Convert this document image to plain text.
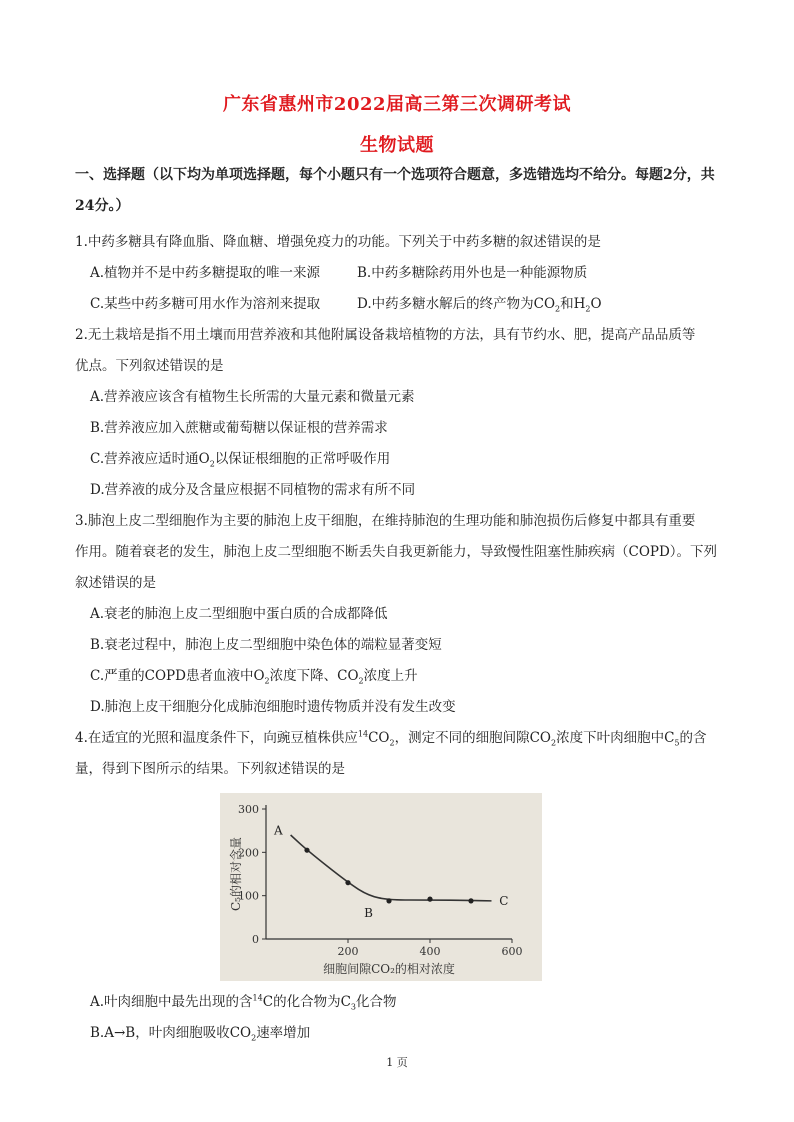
广东省惠州市2022届高三第三次调研考试
生物试题
一、选择题（以下均为单项选择题，每个小题只有一个选项符合题意，多选错选均不给分。每题2分，共
24分。）
1.中药多糖具有降血脂、降血糖、增强免疫力的功能。下列关于中药多糖的叙述错误的是
A.植物并不是中药多糖提取的唯一来源	B.中药多糖除药用外也是一种能源物质
C.某些中药多糖可用水作为溶剂来提取	D.中药多糖水解后的终产物为$CO_2$和$H_2O$
2.无土栽培是指不用土壤而用营养液和其他附属设备栽培植物的方法，具有节约水、肥，提高产品品质等
优点。下列叙述错误的是
A.营养液应该含有植物生长所需的大量元素和微量元素
B.营养液应加入蔗糖或葡萄糖以保证根的营养需求
C.营养液应适时通$O_2$以保证根细胞的正常呼吸作用
D.营养液的成分及含量应根据不同植物的需求有所不同
3.肺泡上皮二型细胞作为主要的肺泡上皮干细胞，在维持肺泡的生理功能和肺泡损伤后修复中都具有重要
作用。随着衰老的发生，肺泡上皮二型细胞不断丢失自我更新能力，导致慢性阻塞性肺疾病（COPD）。下列
叙述错误的是
A.衰老的肺泡上皮二型细胞中蛋白质的合成都降低
B.衰老过程中，肺泡上皮二型细胞中染色体的端粒显著变短
C.严重的COPD患者血液中$O_2$浓度下降、$CO_2$浓度上升
D.肺泡上皮干细胞分化成肺泡细胞时遗传物质并没有发生改变
4.在适宜的光照和温度条件下，向豌豆植株供应$^{14}CO_2$，测定不同的细胞间隙$CO_2$浓度下叶肉细胞中$C_5$的含
量，得到下图所示的结果。下列叙述错误的是
0
100
200
300
200	400	600
A
B
C
细胞间隙CO₂的相对浓度
C₅的相对含量
A.叶肉细胞中最先出现的含$^{14}$C的化合物为$C_3$化合物
B.A→B，叶肉细胞吸收$CO_2$速率增加
1 页
